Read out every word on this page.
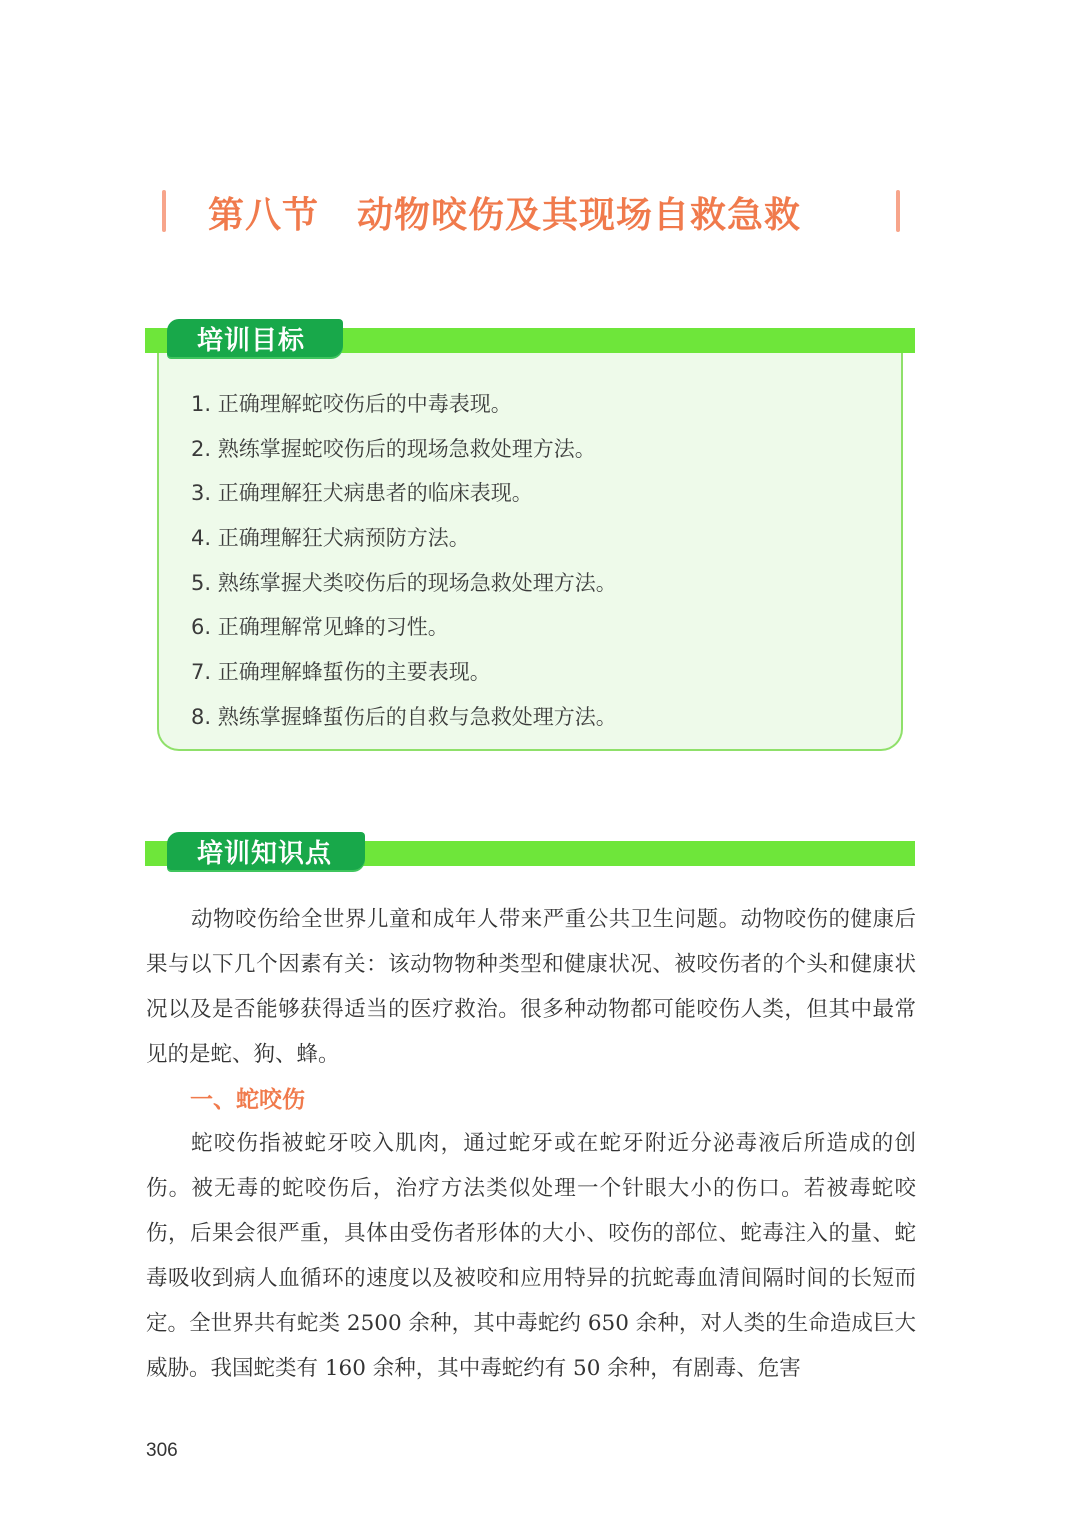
第八节 动物咬伤及其现场自救急救
1. 正确理解蛇咬伤后的中毒表现。
2. 熟练掌握蛇咬伤后的现场急救处理方法。
3. 正确理解狂犬病患者的临床表现。
4. 正确理解狂犬病预防方法。
5. 熟练掌握犬类咬伤后的现场急救处理方法。
6. 正确理解常见蜂的习性。
7. 正确理解蜂蜇伤的主要表现。
8. 熟练掌握蜂蜇伤后的自救与急救处理方法。
培训目标
培训知识点

动物咬伤给全世界儿童和成年人带来严重公共卫生问题。动物咬伤的健康后果与以下几个因素有关：该动物物种类型和健康状况、被咬伤者的个头和健康状况以及是否能够获得适当的医疗救治。很多种动物都可能咬伤人类，但其中最常见的是蛇、狗、蜂。

一、蛇咬伤

蛇咬伤指被蛇牙咬入肌肉，通过蛇牙或在蛇牙附近分泌毒液后所造成的创伤。被无毒的蛇咬伤后，治疗方法类似处理一个针眼大小的伤口。若被毒蛇咬伤，后果会很严重，具体由受伤者形体的大小、咬伤的部位、蛇毒注入的量、蛇毒吸收到病人血循环的速度以及被咬和应用特异的抗蛇毒血清间隔时间的长短而定。全世界共有蛇类 2500 余种，其中毒蛇约 650 余种，对人类的生命造成巨大威胁。我国蛇类有 160 余种，其中毒蛇约有 50 余种，有剧毒、危害

306
